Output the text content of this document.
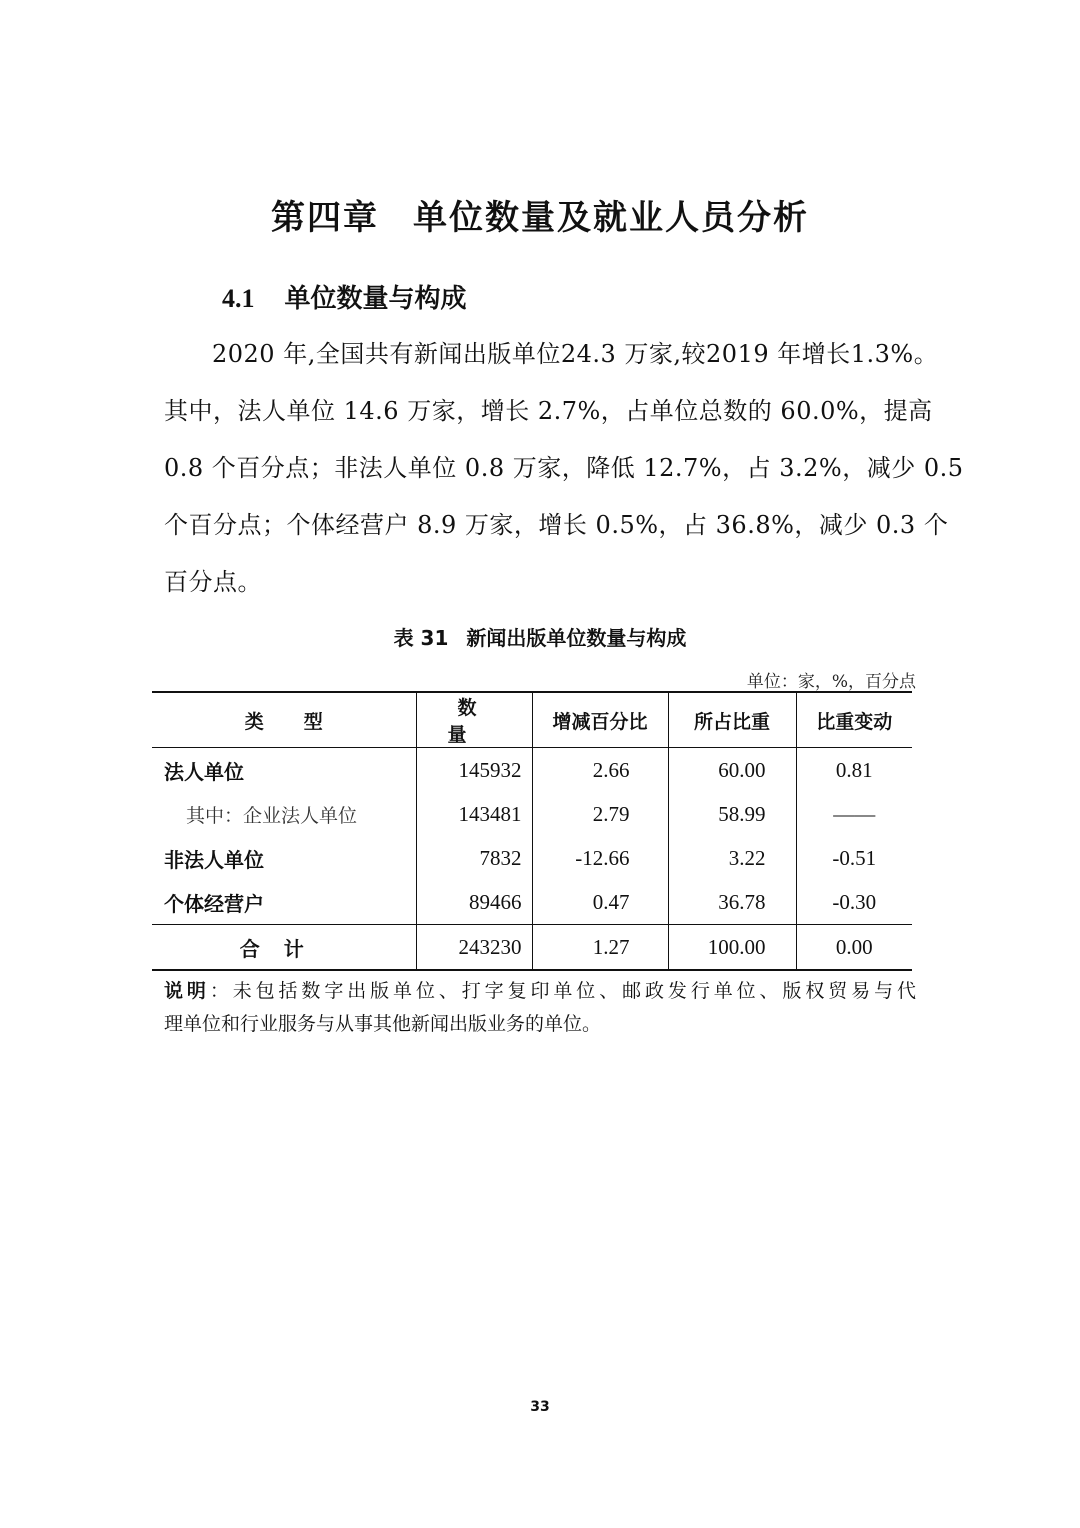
第四章 单位数量及就业人员分析
4.1 单位数量与构成

2020 年,全国共有新闻出版单位24.3 万家,较2019 年增长1.3%。

其中，法人单位 14.6 万家，增长 2.7%，占单位总数的 60.0%，提高

0.8 个百分点；非法人单位 0.8 万家，降低 12.7%，占 3.2%，减少 0.5

个百分点；个体经营户 8.9 万家，增长 0.5%，占 36.8%，减少 0.3 个

百分点。

表 31 新闻出版单位数量与构成

单位：家，%，百分点
类型	数量	增减百分比	所占比重	比重变动
法人单位	145932	2.66	60.00	0.81
其中：企业法人单位	143481	2.79	58.99	——
非法人单位	7832	-12.66	3.22	-0.51
个体经营户	89466	0.47	36.78	-0.30
合计	243230	1.27	100.00	0.00

说明：未包括数字出版单位、打字复印单位、邮政发行单位、版权贸易与代

理单位和行业服务与从事其他新闻出版业务的单位。

33
